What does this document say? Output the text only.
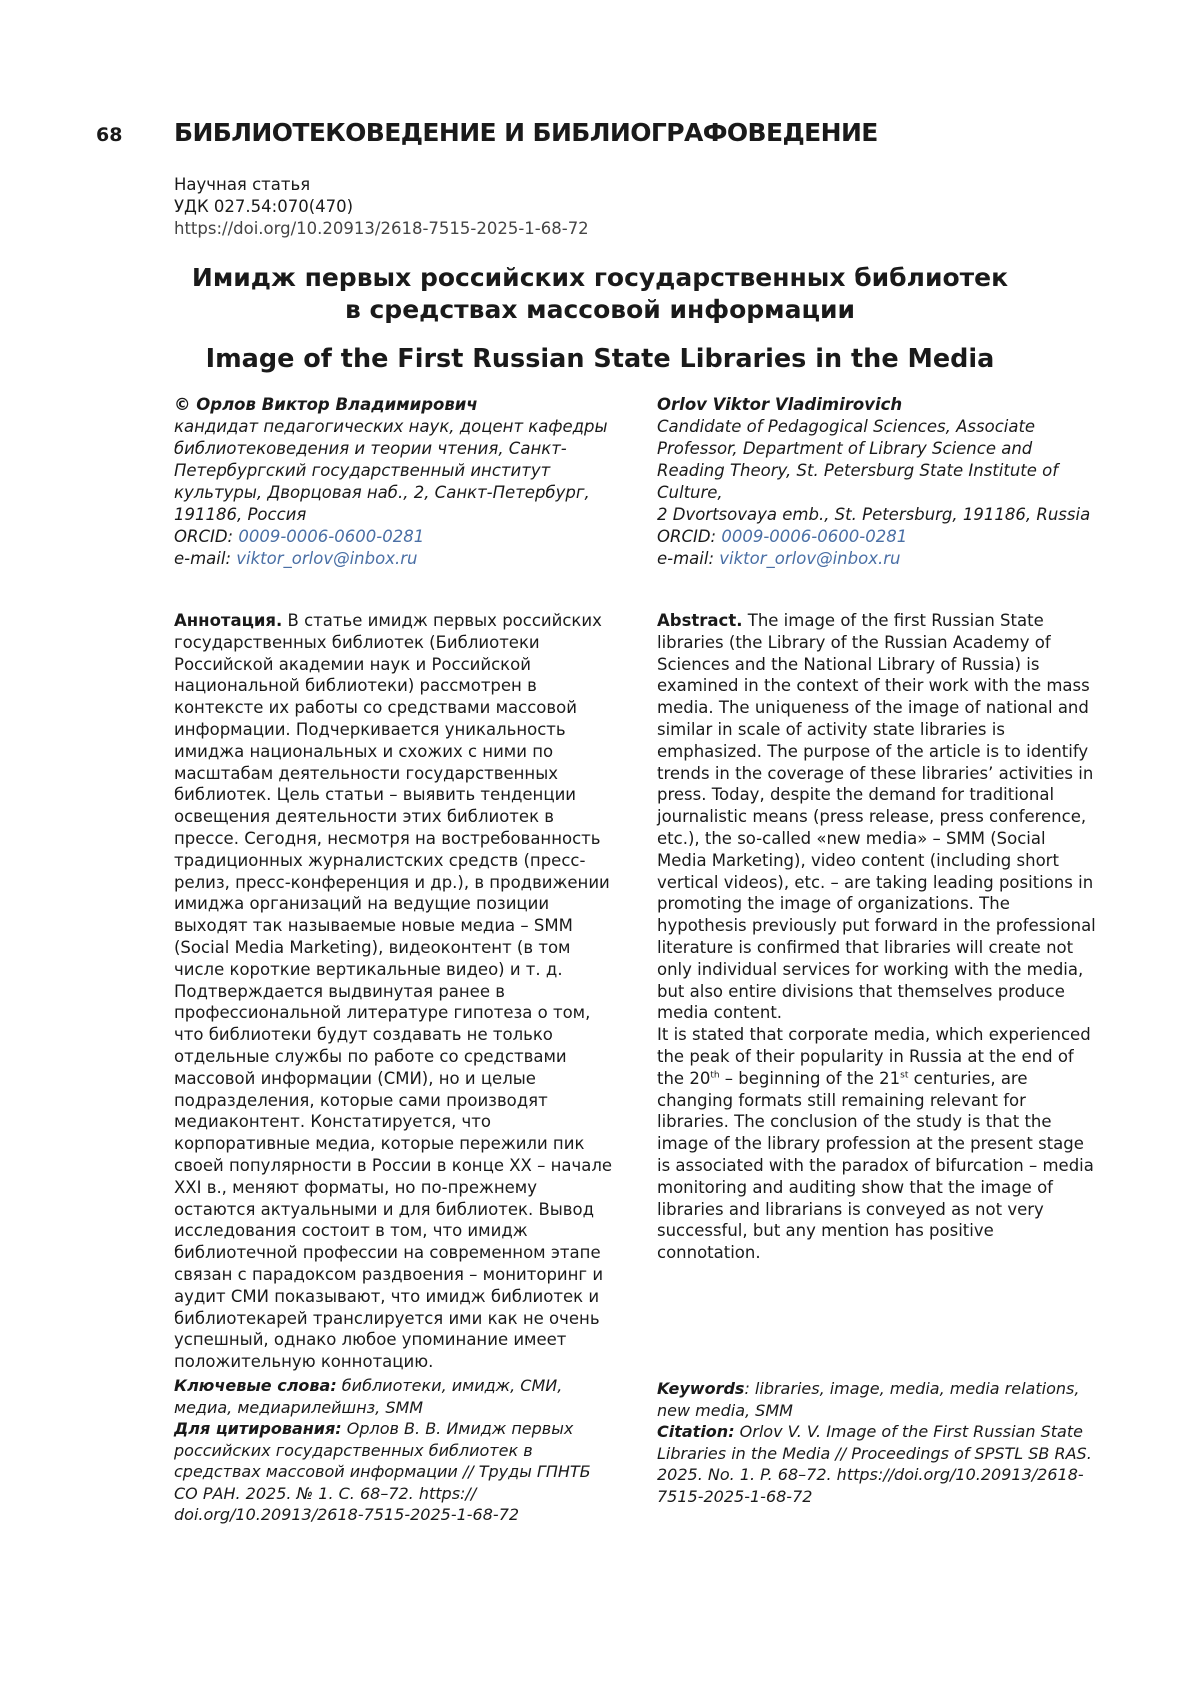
68 БИБЛИОТЕКОВЕДЕНИЕ И БИБЛИОГРАФОВЕДЕНИЕ
Научная статья
УДК 027.54:070(470)
https://doi.org/10.20913/2618-7515-2025-1-68-72
Имидж первых российских государственных библиотек
в средствах массовой информации
Image of the First Russian State Libraries in the Media
© Орлов Виктор Владимирович
кандидат педагогических наук, доцент кафедры библиотековедения и теории чтения, Санкт-Петербургский государственный институт культуры, Дворцовая наб., 2, Санкт-Петербург, 191186, Россия
ORCID: 0009-0006-0600-0281
e-mail: viktor_orlov@inbox.ru
Orlov Viktor Vladimirovich
Candidate of Pedagogical Sciences, Associate Professor, Department of Library Science and Reading Theory, St. Petersburg State Institute of Culture,
2 Dvortsovaya emb., St. Petersburg, 191186, Russia
ORCID: 0009-0006-0600-0281
e-mail: viktor_orlov@inbox.ru

Аннотация. В статье имидж первых российских государственных библиотек (Библиотеки Российской академии наук и Российской национальной библиотеки) рассмотрен в контексте их работы со средствами массовой информации. Подчеркивается уникальность имиджа национальных и схожих с ними по масштабам деятельности государственных библиотек. Цель статьи – выявить тенденции освещения деятельности этих библиотек в прессе. Сегодня, несмотря на востребованность традиционных журналистских средств (пресс-релиз, пресс-конференция и др.), в продвижении имиджа организаций на ведущие позиции выходят так называемые новые медиа – SMM (Social Media Marketing), видеоконтент (в том числе короткие вертикальные видео) и т. д. Подтверждается выдвинутая ранее в профессиональной литературе гипотеза о том, что библиотеки будут создавать не только отдельные службы по работе со средствами массовой информации (СМИ), но и целые подразделения, которые сами производят медиаконтент. Констатируется, что корпоративные медиа, которые пережили пик своей популярности в России в конце XX – начале XXI в., меняют форматы, но по-прежнему остаются актуальными и для библиотек. Вывод исследования состоит в том, что имидж библиотечной профессии на современном этапе связан с парадоксом раздвоения – мониторинг и аудит СМИ показывают, что имидж библиотек и библиотекарей транслируется ими как не очень успешный, однако любое упоминание имеет положительную коннотацию.

Abstract. The image of the first Russian State libraries (the Library of the Russian Academy of Sciences and the National Library of Russia) is examined in the context of their work with the mass media. The uniqueness of the image of national and similar in scale of activity state libraries is emphasized. The purpose of the article is to identify trends in the coverage of these libraries’ activities in press. Today, despite the demand for traditional journalistic means (press release, press conference, etc.), the so-called «new media» – SMM (Social Media Marketing), video content (including short vertical videos), etc. – are taking leading positions in promoting the image of organizations. The hypothesis previously put forward in the professional literature is confirmed that libraries will create not only individual services for working with the media, but also entire divisions that themselves produce media content.

It is stated that corporate media, which experienced the peak of their popularity in Russia at the end of the 20th – beginning of the 21st centuries, are changing formats still remaining relevant for libraries. The conclusion of the study is that the image of the library profession at the present stage is associated with the paradox of bifurcation – media monitoring and auditing show that the image of libraries and librarians is conveyed as not very successful, but any mention has positive connotation.

Ключевые слова: библиотеки, имидж, СМИ, медиа, медиарилейшнз, SMM

Для цитирования: Орлов В. В. Имидж первых российских государственных библиотек в средствах массовой информации // Труды ГПНТБ СО РАН. 2025. № 1. С. 68–72. https:// doi.org/10.20913/2618-7515-2025-1-68-72

Keywords: libraries, image, media, media relations, new media, SMM

Citation: Orlov V. V. Image of the First Russian State Libraries in the Media // Proceedings of SPSTL SB RAS. 2025. No. 1. P. 68–72. https://doi.org/10.20913/2618-7515-2025-1-68-72
